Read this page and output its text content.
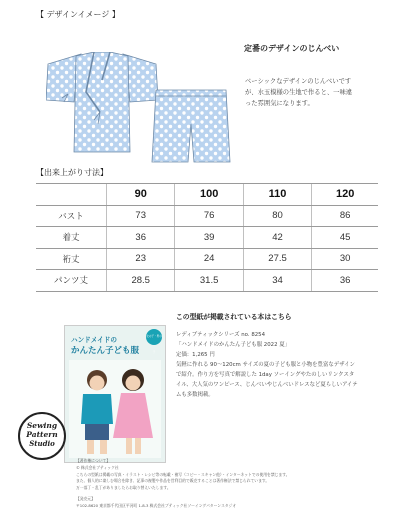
【 デザインイメージ 】
定番のデザインのじんべい
ベーシックなデザインのじんべいです
が、水玉模様の生地で作ると、一味違
った雰囲気になります。
【出来上がり寸法】
	90	100	110	120
バスト	73	76	80	86
着丈	36	39	42	45
裄丈	23	24	27.5	30
パンツ丈	28.5	31.5	34	36
女の子・男の子
ハンドメイドの
かんたん子ども服
この型紙が掲載されている本はこちら
レディブティックシリーズ no. 8254
「ハンドメイドのかんたん子ども服 2022 夏」
定価：1,265 円
気軽に作れる 90～120cm サイズの夏の子ども服と小物を豊富なデザイン
で紹介。作り方を写真で解説した 1day ソーイングやたのしいリンクスタ
イル、大人気のワンピース、じんべいやじんべいドレスなど夏らしいアイテ
ムも多数掲載。
Sewing
Pattern
Studio
【著作権について】
© 株式会社ブティック社
こちらの型紙は掲載の写真・イラスト・レシピ等の転載・複写（コピー・スキャン他）・インターネットでの使用を禁じます。
また、個人的に楽しむ場合を除き、記事の複製や作品を営利目的で販売することは著作権法で禁じられています。
万一落丁・乱丁がありましたらお取り替えいたします。
【発売元】
〒102-8620 東京都千代田区平河町 1-8-3 株式会社ブティック社ソーイングパターンスタジオ
